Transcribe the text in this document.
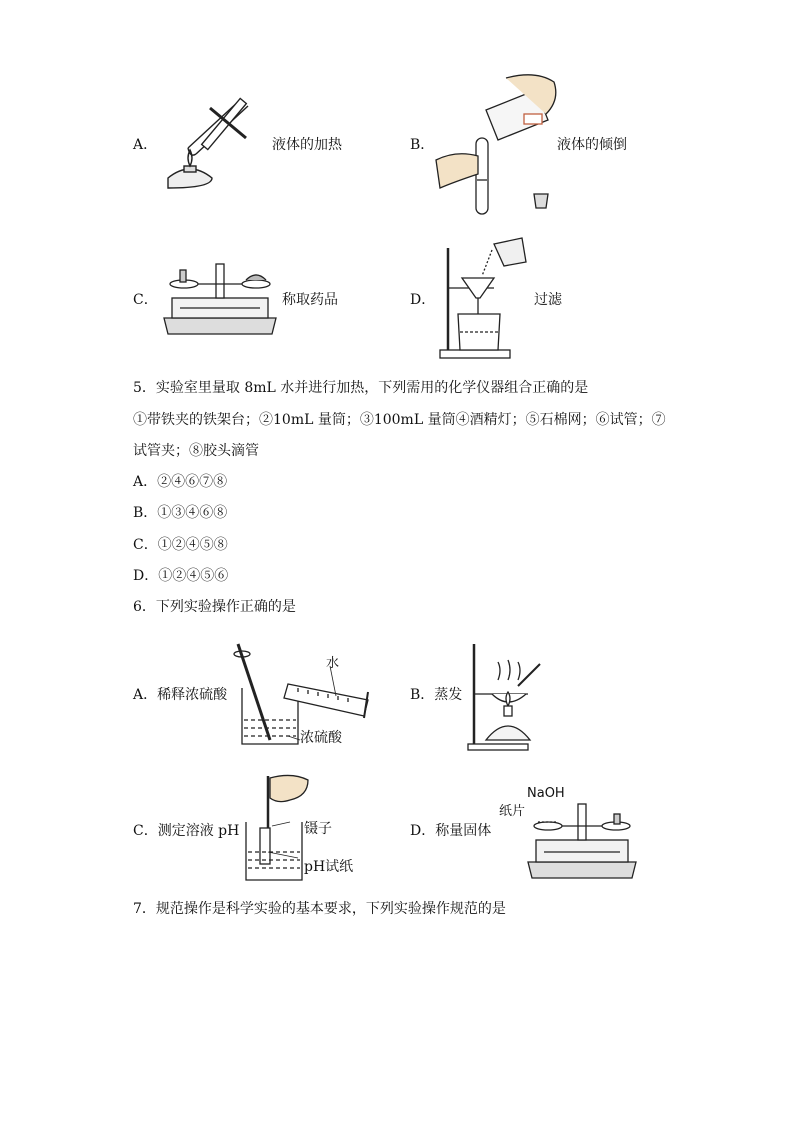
A．	液体的加热	B．	液体的倾倒
C．	称取药品	D．	过滤
5．实验室里量取 8mL 水并进行加热，下列需用的化学仪器组合正确的是
①带铁夹的铁架台；②10mL 量筒；③100mL 量筒④酒精灯；⑤石棉网；⑥试管；⑦
试管夹；⑧胶头滴管
A．②④⑥⑦⑧
B．①③④⑥⑧
C．①②④⑤⑧
D．①②④⑤⑥
6．下列实验操作正确的是
A．稀释浓硫酸
水
浓硫酸
B．蒸发
C．测定溶液 pH	镊子
pH试纸
D．称量固体
NaOH
纸片
7．规范操作是科学实验的基本要求，下列实验操作规范的是
